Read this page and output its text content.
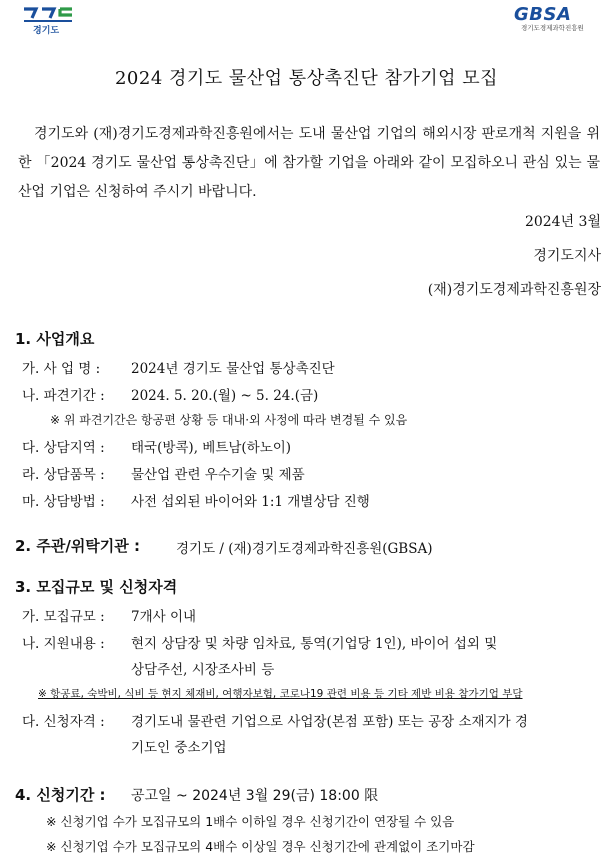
경기도
GBSA
경기도경제과학진흥원
2024 경기도 물산업 통상촉진단 참가기업 모집
경기도와 (재)경기도경제과학진흥원에서는 도내 물산업 기업의 해외시장 판로개척 지원을 위한 「2024 경기도 물산업 통상촉진단」에 참가할 기업을 아래와 같이 모집하오니 관심 있는 물산업 기업은 신청하여 주시기 바랍니다.
2024년 3월
경기도지사
(재)경기도경제과학진흥원장
1. 사업개요
가. 사 업 명 : 2024년 경기도 물산업 통상촉진단
나. 파견기간 : 2024. 5. 20.(월) ~ 5. 24.(금)
※ 위 파견기간은 항공편 상황 등 대내·외 사정에 따라 변경될 수 있음
다. 상담지역 : 태국(방콕), 베트남(하노이)
라. 상담품목 : 물산업 관련 우수기술 및 제품
마. 상담방법 : 사전 섭외된 바이어와 1:1 개별상담 진행
2. 주관/위탁기관 :	경기도 / (재)경기도경제과학진흥원(GBSA)
3. 모집규모 및 신청자격
가. 모집규모 : 7개사 이내
나. 지원내용 : 현지 상담장 및 차량 임차료, 통역(기업당 1인), 바이어 섭외 및
상담주선, 시장조사비 등
※ 항공료, 숙박비, 식비 등 현지 체재비, 여행자보험, 코로나19 관련 비용 등 기타 제반 비용 참가기업 부담
다. 신청자격 : 경기도내 물관련 기업으로 사업장(본점 포함) 또는 공장 소재지가 경
기도인 중소기업
4. 신청기간 : 공고일 ~ 2024년 3월 29(금) 18:00 限
※ 신청기업 수가 모집규모의 1배수 이하일 경우 신청기간이 연장될 수 있음
※ 신청기업 수가 모집규모의 4배수 이상일 경우 신청기간에 관계없이 조기마감
